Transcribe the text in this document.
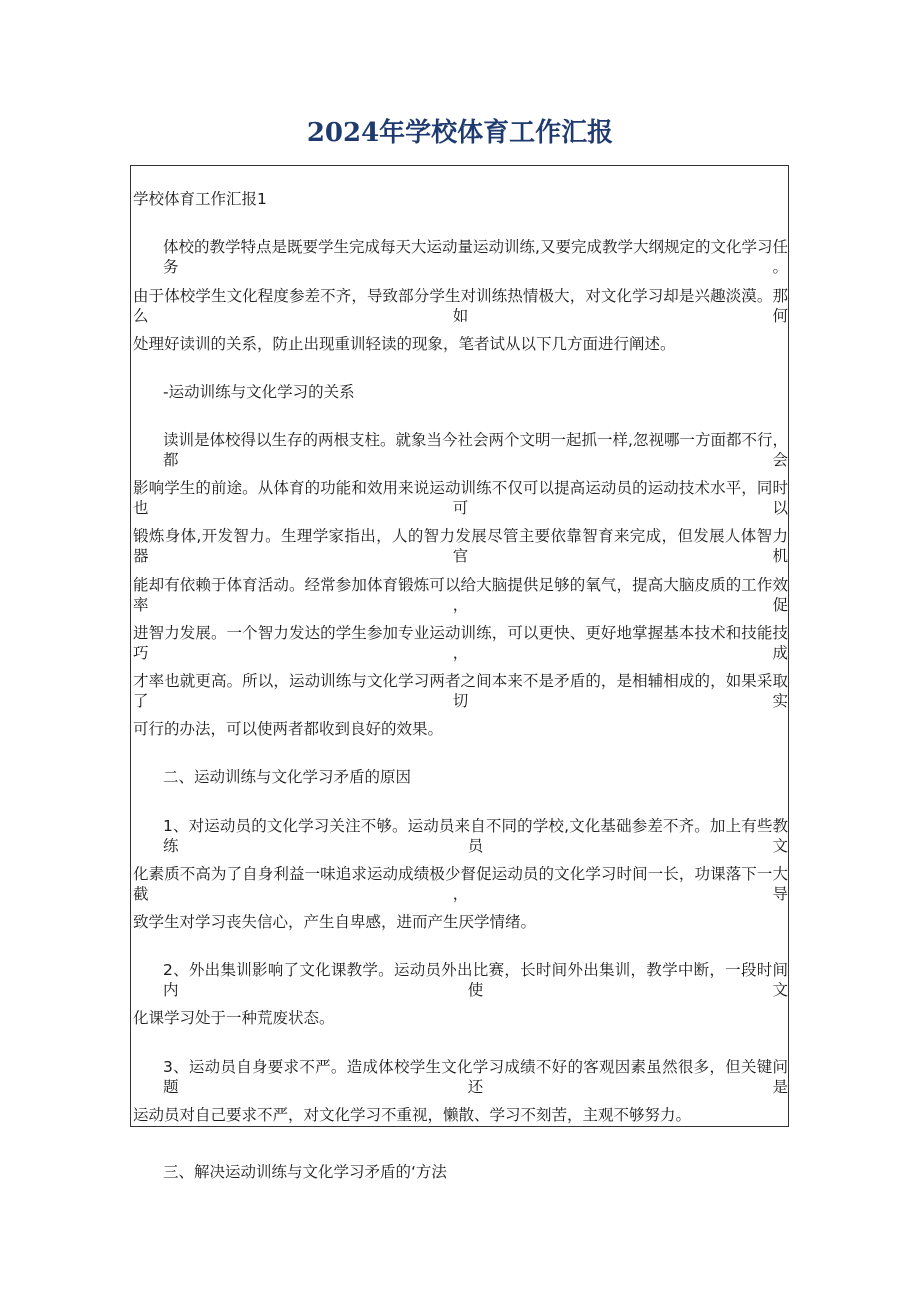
2024年学校体育工作汇报

学校体育工作汇报1

体校的教学特点是既要学生完成每天大运动量运动训练,又要完成教学大纲规定的文化学习任务。

由于体校学生文化程度参差不齐，导致部分学生对训练热情极大，对文化学习却是兴趣淡漠。那么如何

处理好读训的关系，防止出现重训轻读的现象，笔者试从以下几方面进行阐述。

-运动训练与文化学习的关系

读训是体校得以生存的两根支柱。就象当今社会两个文明一起抓一样,忽视哪一方面都不行，都会

影响学生的前途。从体育的功能和效用来说运动训练不仅可以提高运动员的运动技术水平，同时也可以

锻炼身体,开发智力。生理学家指出，人的智力发展尽管主要依靠智育来完成，但发展人体智力器官机

能却有依赖于体育活动。经常参加体育锻炼可以给大脑提供足够的氧气，提高大脑皮质的工作效率，促

进智力发展。一个智力发达的学生参加专业运动训练，可以更快、更好地掌握基本技术和技能技巧，成

才率也就更高。所以，运动训练与文化学习两者之间本来不是矛盾的，是相辅相成的，如果采取了切实

可行的办法，可以使两者都收到良好的效果。

二、运动训练与文化学习矛盾的原因

1、对运动员的文化学习关注不够。运动员来自不同的学校,文化基础参差不齐。加上有些教练员文

化素质不高为了自身利益一味追求运动成绩极少督促运动员的文化学习时间一长，功课落下一大截，导

致学生对学习丧失信心，产生自卑感，进而产生厌学情绪。

2、外出集训影响了文化课教学。运动员外出比赛，长时间外出集训，教学中断，一段时间内使文

化课学习处于一种荒废状态。

3、运动员自身要求不严。造成体校学生文化学习成绩不好的客观因素虽然很多，但关键问题还是

运动员对自己要求不严，对文化学习不重视，懒散、学习不刻苦，主观不够努力。

三、解决运动训练与文化学习矛盾的‘方法
